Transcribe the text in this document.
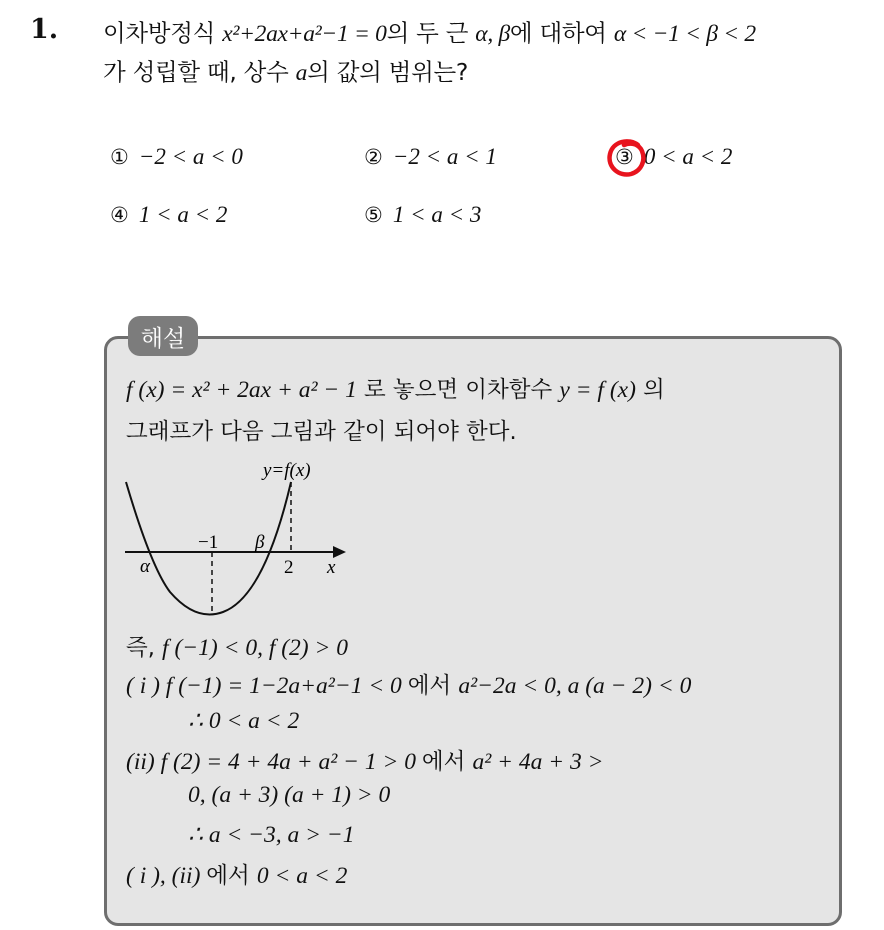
1. 이차방정식 x²+2ax+a²−1 = 0의 두 근 α, β에 대하여 α < −1 < β < 2
가 성립할 때, 상수 a의 값의 범위는?
① −2 < a < 0	② −2 < a < 1	③ 0 < a < 2
④ 1 < a < 2	⑤ 1 < a < 3
해설
f (x) = x² + 2ax + a² − 1 로 놓으면 이차함수 y = f (x) 의
그래프가 다음 그림과 같이 되어야 한다.
y=f(x)
−1 β
α	2 x
즉, f (−1) < 0, f (2) > 0
( i ) f (−1) = 1−2a+a²−1 < 0 에서 a²−2a < 0, a (a − 2) < 0
∴ 0 < a < 2
(ii) f (2) = 4 + 4a + a² − 1 > 0 에서 a² + 4a + 3 >
0, (a + 3) (a + 1) > 0
∴ a < −3, a > −1
( i ), (ii) 에서 0 < a < 2
